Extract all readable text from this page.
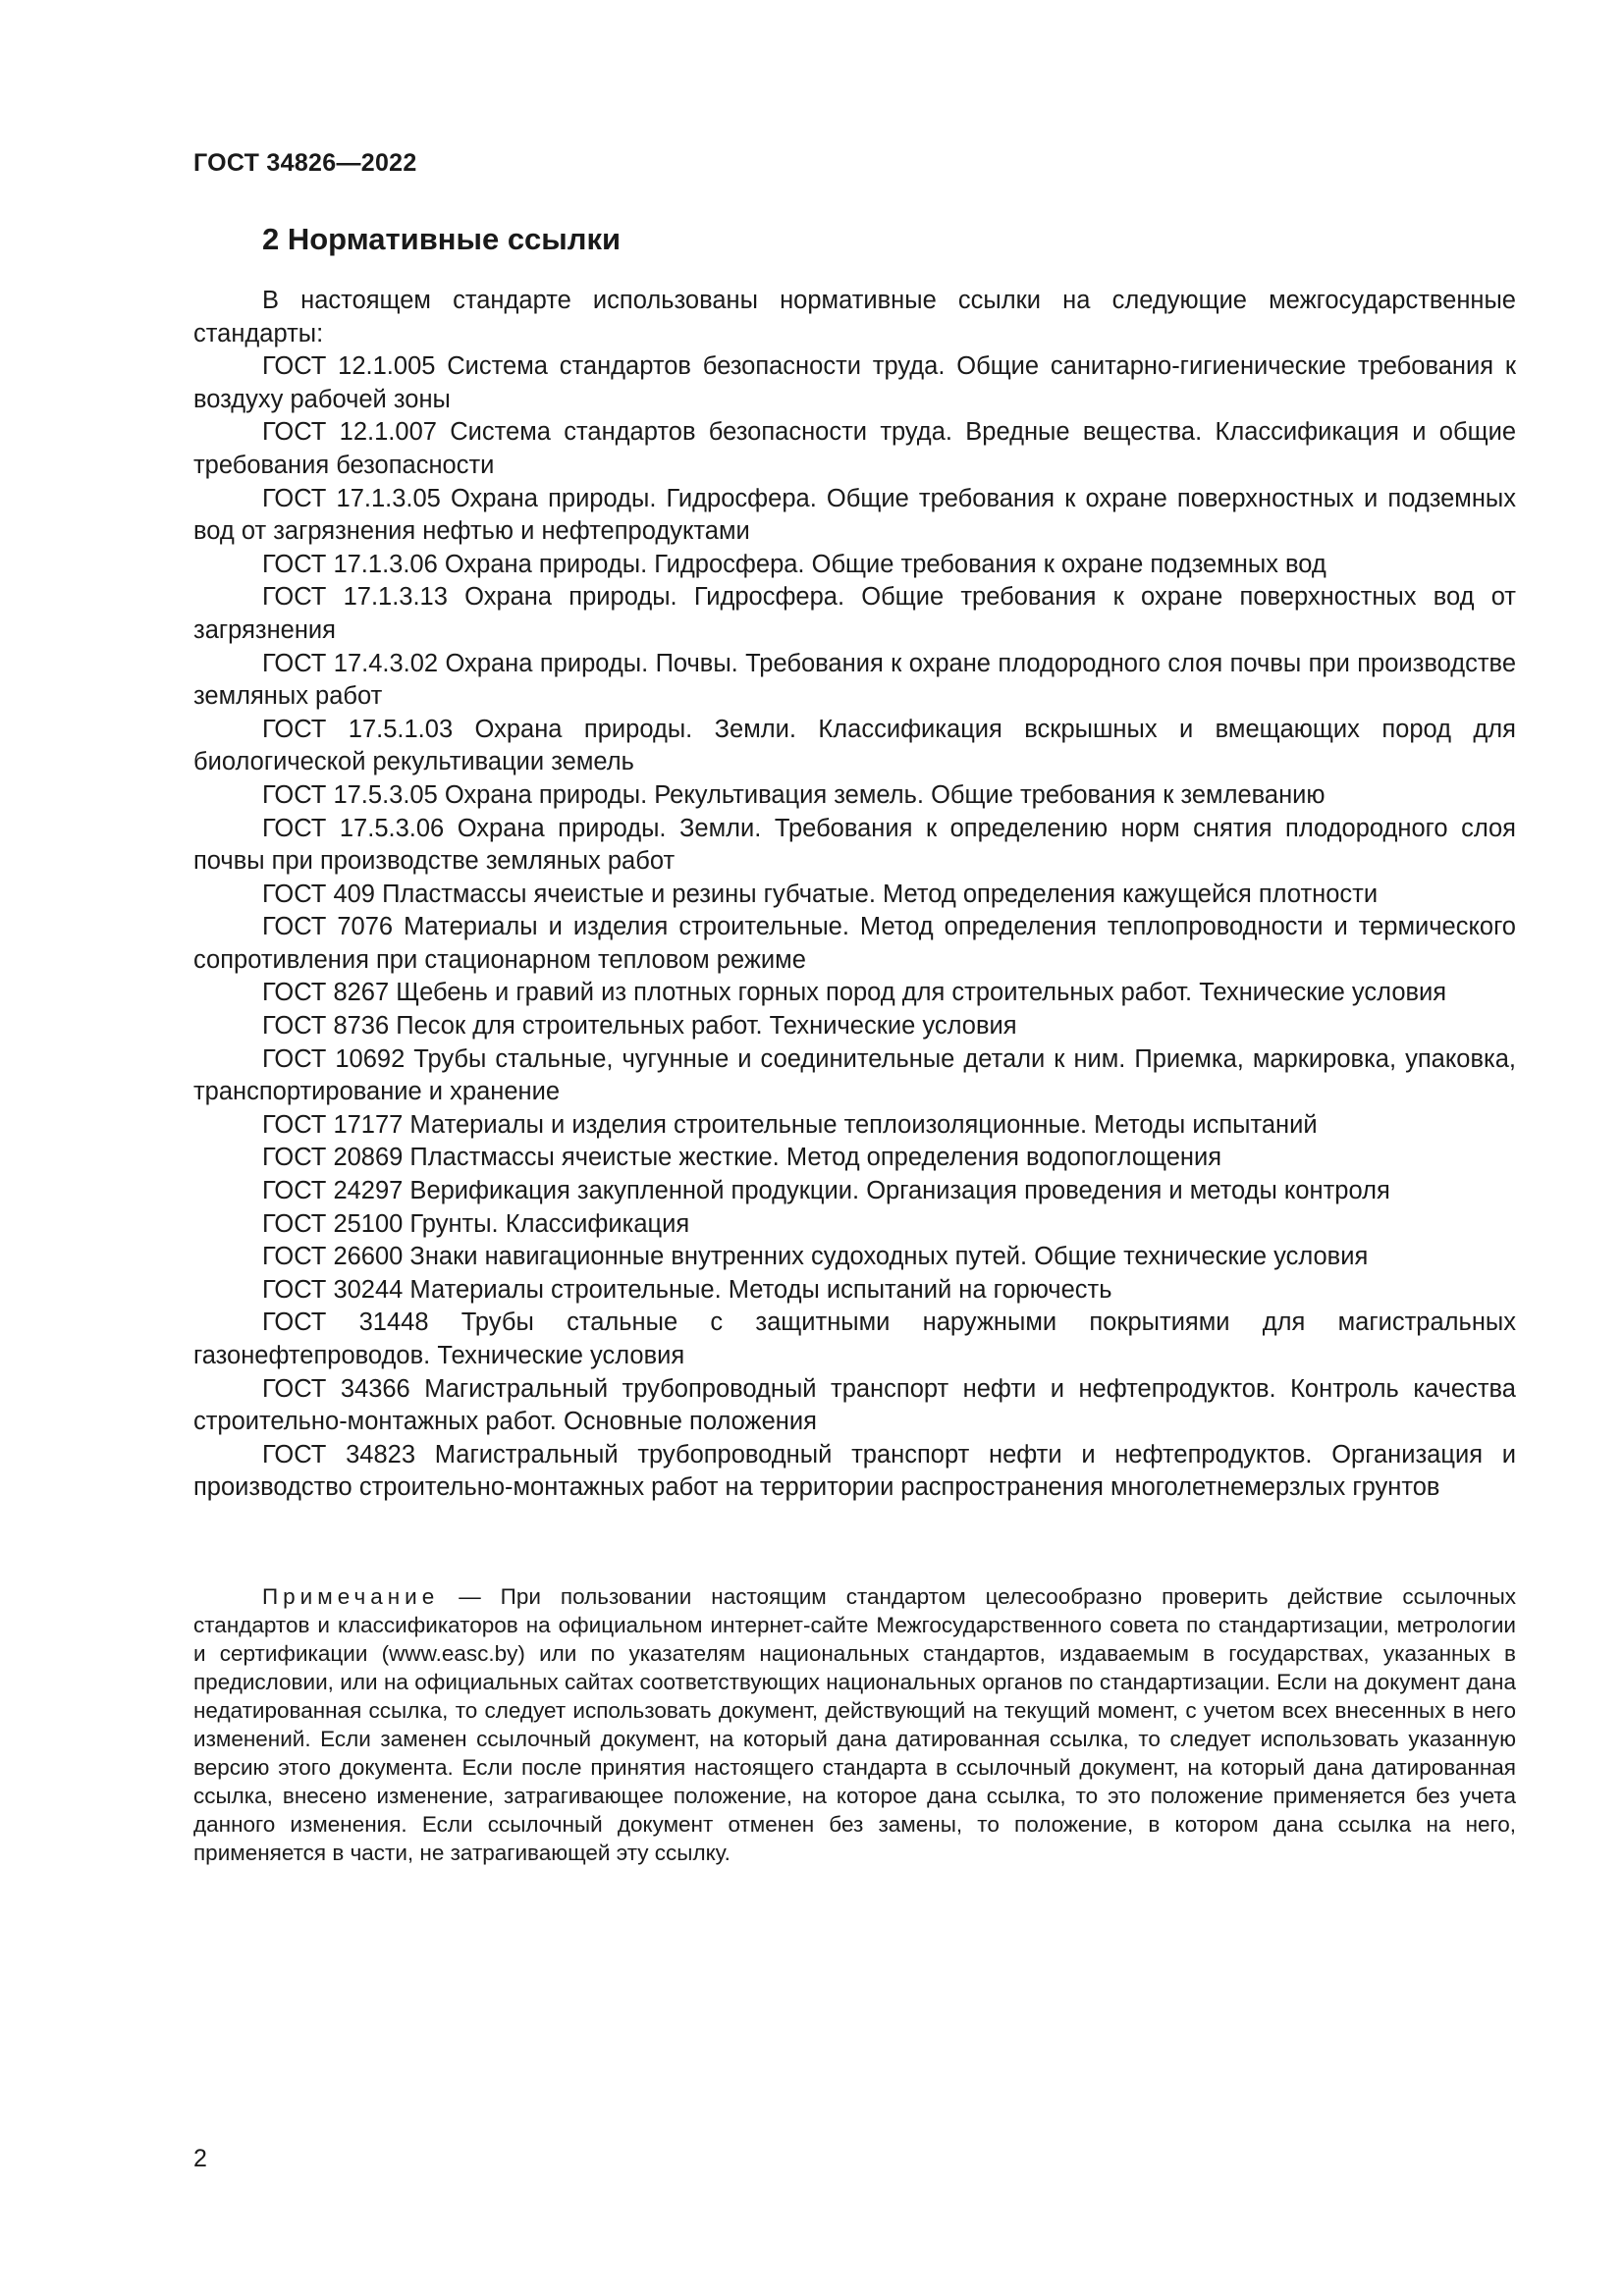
ГОСТ 34826—2022
2 Нормативные ссылки

В настоящем стандарте использованы нормативные ссылки на следующие межгосударственные стандарты:

ГОСТ 12.1.005 Система стандартов безопасности труда. Общие санитарно-гигиенические требования к воздуху рабочей зоны

ГОСТ 12.1.007 Система стандартов безопасности труда. Вредные вещества. Классификация и общие требования безопасности

ГОСТ 17.1.3.05 Охрана природы. Гидросфера. Общие требования к охране поверхностных и подземных вод от загрязнения нефтью и нефтепродуктами

ГОСТ 17.1.3.06 Охрана природы. Гидросфера. Общие требования к охране подземных вод

ГОСТ 17.1.3.13 Охрана природы. Гидросфера. Общие требования к охране поверхностных вод от загрязнения

ГОСТ 17.4.3.02 Охрана природы. Почвы. Требования к охране плодородного слоя почвы при производстве земляных работ

ГОСТ 17.5.1.03 Охрана природы. Земли. Классификация вскрышных и вмещающих пород для биологической рекультивации земель

ГОСТ 17.5.3.05 Охрана природы. Рекультивация земель. Общие требования к землеванию

ГОСТ 17.5.3.06 Охрана природы. Земли. Требования к определению норм снятия плодородного слоя почвы при производстве земляных работ

ГОСТ 409 Пластмассы ячеистые и резины губчатые. Метод определения кажущейся плотности

ГОСТ 7076 Материалы и изделия строительные. Метод определения теплопроводности и термического сопротивления при стационарном тепловом режиме

ГОСТ 8267 Щебень и гравий из плотных горных пород для строительных работ. Технические условия

ГОСТ 8736 Песок для строительных работ. Технические условия

ГОСТ 10692 Трубы стальные, чугунные и соединительные детали к ним. Приемка, маркировка, упаковка, транспортирование и хранение

ГОСТ 17177 Материалы и изделия строительные теплоизоляционные. Методы испытаний

ГОСТ 20869 Пластмассы ячеистые жесткие. Метод определения водопоглощения

ГОСТ 24297 Верификация закупленной продукции. Организация проведения и методы контроля

ГОСТ 25100 Грунты. Классификация

ГОСТ 26600 Знаки навигационные внутренних судоходных путей. Общие технические условия

ГОСТ 30244 Материалы строительные. Методы испытаний на горючесть

ГОСТ 31448 Трубы стальные с защитными наружными покрытиями для магистральных газонефтепроводов. Технические условия

ГОСТ 34366 Магистральный трубопроводный транспорт нефти и нефтепродуктов. Контроль качества строительно-монтажных работ. Основные положения

ГОСТ 34823 Магистральный трубопроводный транспорт нефти и нефтепродуктов. Организация и производство строительно-монтажных работ на территории распространения многолетнемерзлых грунтов

Примечание — При пользовании настоящим стандартом целесообразно проверить действие ссылочных стандартов и классификаторов на официальном интернет-сайте Межгосударственного совета по стандартизации, метрологии и сертификации (www.easc.by) или по указателям национальных стандартов, издаваемым в государствах, указанных в предисловии, или на официальных сайтах соответствующих национальных органов по стандартизации. Если на документ дана недатированная ссылка, то следует использовать документ, действующий на текущий момент, с учетом всех внесенных в него изменений. Если заменен ссылочный документ, на который дана датированная ссылка, то следует использовать указанную версию этого документа. Если после принятия настоящего стандарта в ссылочный документ, на который дана датированная ссылка, внесено изменение, затрагивающее положение, на которое дана ссылка, то это положение применяется без учета данного изменения. Если ссылочный документ отменен без замены, то положение, в котором дана ссылка на него, применяется в части, не затрагивающей эту ссылку.

2
